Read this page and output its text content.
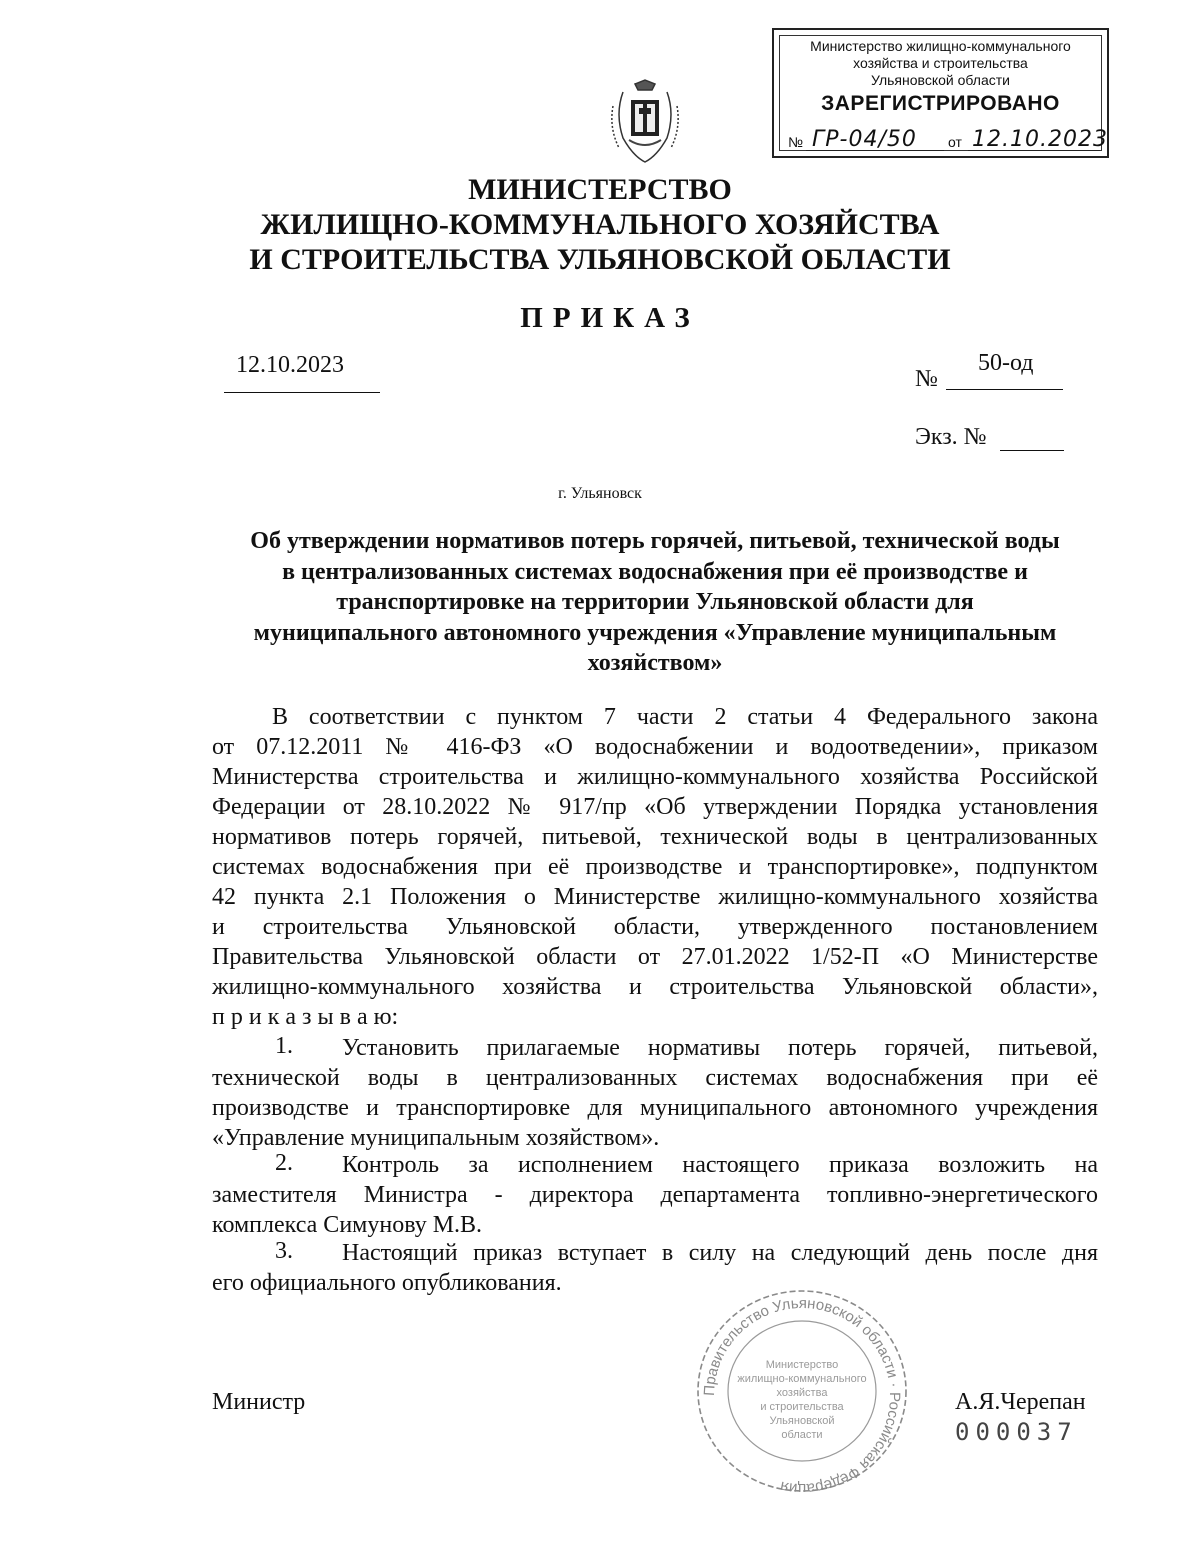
Министерство жилищно-коммунального
хозяйства и строительства
Ульяновской области
ЗАРЕГИСТРИРОВАНО
№ ГР-04/50 от 12.10.2023
МИНИСТЕРСТВО
ЖИЛИЩНО-КОММУНАЛЬНОГО ХОЗЯЙСТВА
И СТРОИТЕЛЬСТВА УЛЬЯНОВСКОЙ ОБЛАСТИ
ПРИКАЗ
12.10.2023
№
50-од
Экз. №
г. Ульяновск
Об утверждении нормативов потерь горячей, питьевой, технической воды
в централизованных системах водоснабжения при её производстве и
транспортировке на территории Ульяновской области для
муниципального автономного учреждения «Управление муниципальным
хозяйством»
В соответствии с пунктом 7 части 2 статьи 4 Федерального закона
от 07.12.2011 № 416-ФЗ «О водоснабжении и водоотведении», приказом
Министерства строительства и жилищно-коммунального хозяйства Российской
Федерации от 28.10.2022 № 917/пр «Об утверждении Порядка установления
нормативов потерь горячей, питьевой, технической воды в централизованных
системах водоснабжения при её производстве и транспортировке», подпунктом
42 пункта 2.1 Положения о Министерстве жилищно-коммунального хозяйства
и строительства Ульяновской области, утвержденного постановлением
Правительства Ульяновской области от 27.01.2022 1/52-П «О Министерстве
жилищно-коммунального хозяйства и строительства Ульяновской области»,
п р и к а з ы в а ю:
1. Установить прилагаемые нормативы потерь горячей, питьевой,
технической воды в централизованных системах водоснабжения при её
производстве и транспортировке для муниципального автономного учреждения
«Управление муниципальным хозяйством».
2. Контроль за исполнением настоящего приказа возложить на
заместителя Министра - директора департамента топливно-энергетического
комплекса Симунову М.В.
3. Настоящий приказ вступает в силу на следующий день после дня
его официального опубликования.
Правительство Ульяновской области · Российская Федерация
Министерство
жилищно-коммунального
хозяйства
и строительства
Ульяновской
области
Министр	А.Я.Черепан
000037
